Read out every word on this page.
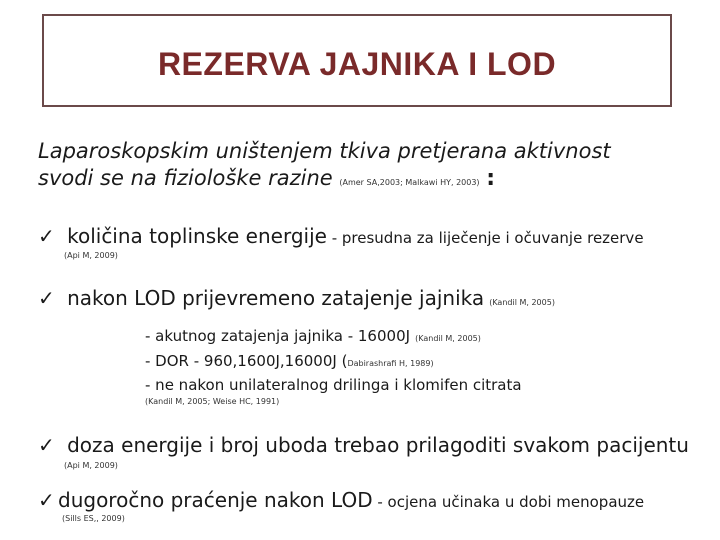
REZERVA JAJNIKA I LOD
Laparoskopskim uništenjem tkiva pretjerana aktivnost
svodi se na fiziološke razine (Amer SA,2003; Malkawi HY, 2003) :
✓ količina toplinske energije - presudna za liječenje i očuvanje rezerve
(Api M, 2009)
✓ nakon LOD prijevremeno zatajenje jajnika (Kandil M, 2005)
- akutnog zatajenja jajnika - 16000J (Kandil M, 2005)
- DOR - 960,1600J,16000J (Dabirashrafi H, 1989)
- ne nakon unilateralnog drilinga i klomifen citrata
(Kandil M, 2005; Weise HC, 1991)
✓ doza energije i broj uboda trebao prilagoditi svakom pacijentu
(Api M, 2009)
✓ dugoročno praćenje nakon LOD - ocjena učinaka u dobi menopauze
(Sills ES,, 2009)
